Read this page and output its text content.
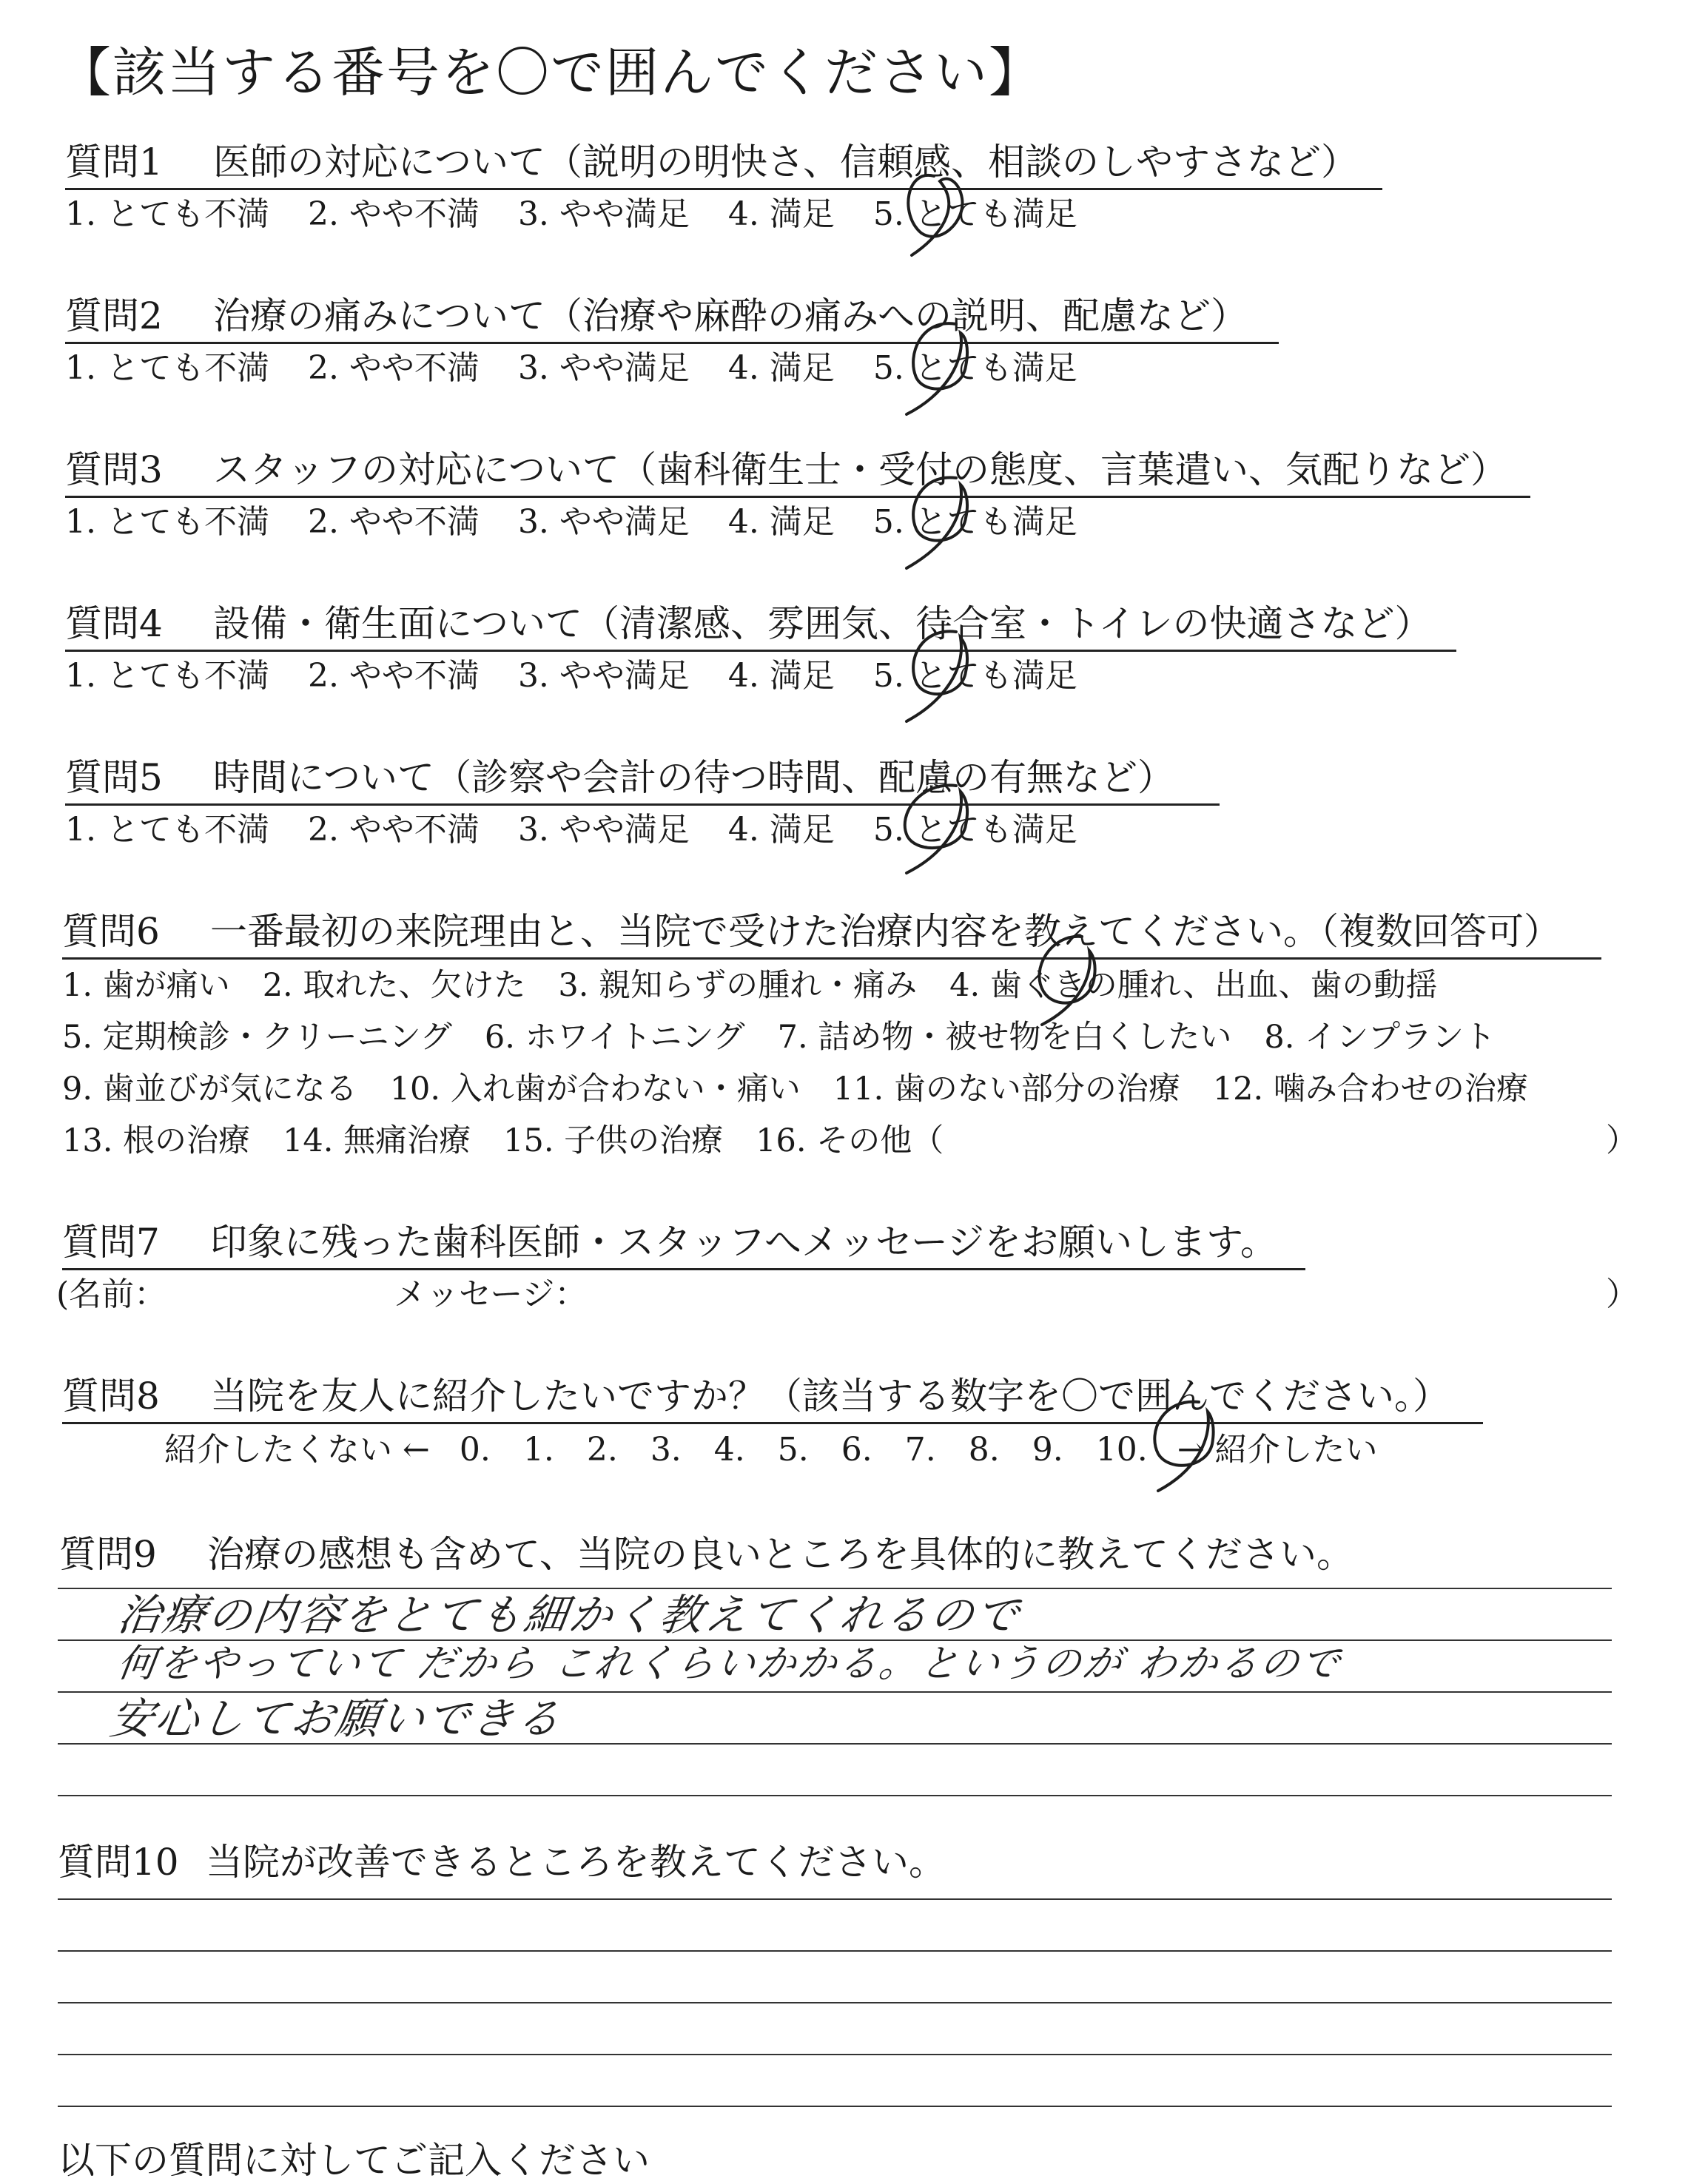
【該当する番号を〇で囲んでください】
質問1 医師の対応について（説明の明快さ、信頼感、相談のしやすさなど）
1. とても不満 2. やや不満 3. やや満足 4. 満足 5. とても満足
質問2 治療の痛みについて（治療や麻酔の痛みへの説明、配慮など）
1. とても不満 2. やや不満 3. やや満足 4. 満足 5. とても満足
質問3 スタッフの対応について（歯科衛生士・受付の態度、言葉遣い、気配りなど）
1. とても不満 2. やや不満 3. やや満足 4. 満足 5. とても満足
質問4 設備・衛生面について（清潔感、雰囲気、待合室・トイレの快適さなど）
1. とても不満 2. やや不満 3. やや満足 4. 満足 5. とても満足
質問5 時間について（診察や会計の待つ時間、配慮の有無など）
1. とても不満 2. やや不満 3. やや満足 4. 満足 5. とても満足
質問6 一番最初の来院理由と、当院で受けた治療内容を教えてください。（複数回答可）
1. 歯が痛い 2. 取れた、欠けた 3. 親知らずの腫れ・痛み 4. 歯ぐきの腫れ、出血、歯の動揺
5. 定期検診・クリーニング 6. ホワイトニング 7. 詰め物・被せ物を白くしたい 8. インプラント
9. 歯並びが気になる 10. 入れ歯が合わない・痛い 11. 歯のない部分の治療 12. 噛み合わせの治療
13. 根の治療 14. 無痛治療 15. 子供の治療 16. その他（	）
質問7 印象に残った歯科医師・スタッフへメッセージをお願いします。
(名前：	メッセージ：	）
質問8 当院を友人に紹介したいですか？（該当する数字を〇で囲んでください。）
紹介したくない ← 0. 1. 2. 3. 4. 5. 6. 7. 8. 9. 10. → 紹介したい
質問9 治療の感想も含めて、当院の良いところを具体的に教えてください。
治療の内容をとても細かく教えてくれるので
何をやっていて だから これくらいかかる。というのが わかるので
安心してお願いできる
質問10 当院が改善できるところを教えてください。
以下の質問に対してご記入ください
